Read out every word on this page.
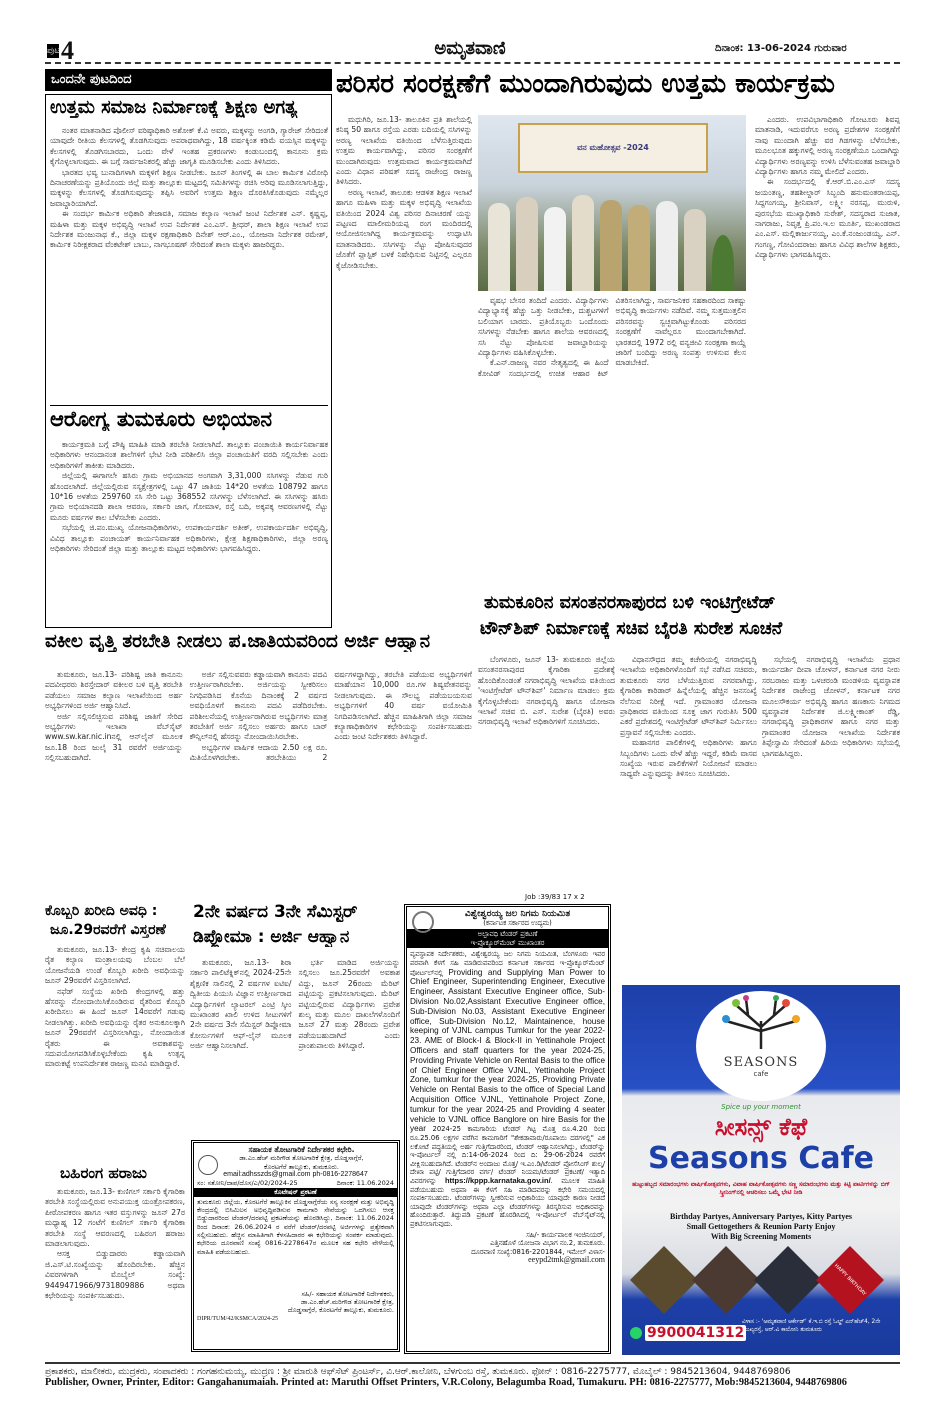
ಪುಟ 4	ಅಮೃತವಾಣಿ	ದಿನಾಂಕ: 13-06-2024 ಗುರುವಾರ
ಒಂದನೇ ಪುಟದಿಂದ
ಉತ್ತಮ ಸಮಾಜ ನಿರ್ಮಾಣಕ್ಕೆ ಶಿಕ್ಷಣ ಅಗತ್ಯ

ನಂತರ ಮಾತನಾಡಿದ ಪೊಲೀಸ್ ವರಿಷ್ಠಾಧಿಕಾರಿ ಅಶೋಕ್ ಕೆ.ವಿ ಅವರು, ಮಕ್ಕಳನ್ನು ಅಂಗಡಿ, ಗ್ಯಾರೇಜ್ ಸೇರಿದಂತೆ ಯಾವುದೇ ರೀತಿಯ ಕೆಲಸಗಳಲ್ಲಿ ತೊಡಗಿಸುವುದು ಅಪರಾಧವಾಗಿದ್ದು, 18 ವರ್ಷಕ್ಕಿಂತ ಕಡಿಮೆ ವಯಸ್ಸಿನ ಮಕ್ಕಳನ್ನು ಕೆಲಸಗಳಲ್ಲಿ ತೊಡಗಿಸಬಾರದು, ಒಂದು ವೇಳೆ ಇಂತಹ ಪ್ರಕರಣಗಳು ಕಂಡುಬಂದಲ್ಲಿ ಕಾನೂನು ಕ್ರಮ ಕೈಗೊಳ್ಳಲಾಗುವುದು. ಈ ಬಗ್ಗೆ ಸಾರ್ವಜನಿಕರಲ್ಲಿ ಹೆಚ್ಚು ಜಾಗೃತಿ ಮೂಡಿಸಬೇಕು ಎಂದು ತಿಳಿಸಿದರು.

ಭಾರತದ ಭವ್ಯ ಬುನಾದಿಗಳಾಗಿ ಮಕ್ಕಳಿಗೆ ಶಿಕ್ಷಣ ನೀಡಬೇಕು. ಜೂನ್ ತಿಂಗಳಲ್ಲಿ ಈ ಬಾಲ ಕಾರ್ಮಿಕ ವಿರೋಧಿ ದಿನಾಚರಣೆಯನ್ನು ಪ್ರತಿಯೊಂದು ಜಿಲ್ಲೆ ಮತ್ತು ತಾಲ್ಲೂಕು ಮಟ್ಟದಲ್ಲಿ ಸಮಿತಿಗಳನ್ನು ರಚಿಸಿ ಅರಿವು ಮೂಡಿಸಲಾಗುತ್ತಿದ್ದು, ಮಕ್ಕಳನ್ನು ಕೆಲಸಗಳಲ್ಲಿ ತೊಡಗಿಸುವುದನ್ನು ತಪ್ಪಿಸಿ ಅವರಿಗೆ ಉತ್ತಮ ಶಿಕ್ಷಣ ದೊರಕಿಸಿಕೊಡುವುದು ನಮ್ಮೆಲ್ಲರ ಜವಾಬ್ದಾರಿಯಾಗಿದೆ.

ಈ ಸಂದರ್ಭ ಕಾರ್ಮಿಕ ಅಧಿಕಾರಿ ತೇಜಾವತಿ, ಸಮಾಜ ಕಲ್ಯಾಣ ಇಲಾಖೆ ಜಂಟಿ ನಿರ್ದೇಶಕ ಎನ್. ಕೃಷ್ಣಪ್ಪ, ಮಹಿಳಾ ಮತ್ತು ಮಕ್ಕಳ ಅಭಿವೃದ್ಧಿ ಇಲಾಖೆ ಉಪ ನಿರ್ದೇಶಕ ಎಂ.ಎಸ್. ಶ್ರೀಧರ್, ಶಾಲಾ ಶಿಕ್ಷಣ ಇಲಾಖೆ ಉಪ ನಿರ್ದೇಶಕ ಮಂಜುನಾಥ ಕೆ., ಜಿಲ್ಲಾ ಮಕ್ಕಳ ರಕ್ಷಣಾಧಿಕಾರಿ ದಿನೇಶ್ ಆರ್.ಎಂ., ಯೋಜನಾ ನಿರ್ದೇಶಕ ರಮೇಶ್, ಕಾರ್ಮಿಕ ನಿರೀಕ್ಷಕರಾದ ವೆಂಕಟೇಶ್ ಬಾಬು, ನಾಗಭೂಷಣ್ ಸೇರಿದಂತೆ ಶಾಲಾ ಮಕ್ಕಳು ಹಾಜರಿದ್ದರು.

ಆರೋಗ್ಯ ತುಮಕೂರು ಅಭಿಯಾನ

ಕಾರ್ಯಕ್ರಮತಿ ಬಗ್ಗೆ ಪೌಷ್ಠಿ ಮಾಹಿತಿ ಮಾಡಿ ತರಬೇತಿ ನೀಡಲಾಗಿದೆ. ತಾಲ್ಲೂಕು ಪಂಚಾಯಿತಿ ಕಾರ್ಯನಿರ್ವಾಹಕ ಅಧಿಕಾರಿಗಳು ಆನಂದಾನಂತ ಶಾಲೆಗಳಿಗೆ ಭೇಟಿ ನೀಡಿ ಪರಿಶೀಲಿಸಿ ಜಿಲ್ಲಾ ಪಂಚಾಯತಿಗೆ ವರದಿ ಸಲ್ಲಿಸಬೇಕು ಎಂದು ಅಧಿಕಾರಿಗಳಿಗೆ ತಾಕೀತು ಮಾಡಿದರು.

ಜಿಲ್ಲೆಯಲ್ಲಿ ಈಗಾಗಲೇ ಹಸಿರು ಗ್ರಾಮ ಅಭಿಯಾನದ ಅಂಗವಾಗಿ 3,31,000 ಸಸಿಗಳನ್ನು ನೆಡುವ ಗುರಿ ಹೊಂದಲಾಗಿದೆ. ಜಿಲ್ಲೆಯಲ್ಲಿರುವ ಸಸ್ಯಕ್ಷೇತ್ರಗಳಲ್ಲಿ ಒಟ್ಟು 47 ಜಾತಿಯ 14*20 ಅಳತೆಯ 108792 ಹಾಗೂ 10*16 ಅಳತೆಯ 259760 ಸಸಿ ಸೇರಿ ಒಟ್ಟು 368552 ಸಸಿಗಳನ್ನು ಬೆಳೆಸಲಾಗಿದೆ. ಈ ಸಸಿಗಳನ್ನು ಹಸಿರು ಗ್ರಾಮ ಅಭಿಯಾನದಡಿ ಶಾಲಾ ಆವರಣ, ಸರ್ಕಾರಿ ಜಾಗ, ಗೋಮಾಳ, ರಸ್ತೆ ಬದಿ, ಅಕ್ಕಪಕ್ಕ ಆವರಣಗಳಲ್ಲಿ ನೆಟ್ಟು ಮೂರು ವರ್ಷಗಳ ಕಾಲ ಬೆಳೆಸಬೇಕು ಎಂದರು.

ಸಭೆಯಲ್ಲಿ ಜಿ.ಪಂ.ಮುಖ್ಯ ಯೋಜನಾಧಿಕಾರಿಗಳು, ಉಪಕಾರ್ಯದರ್ಶಿ ಅತೀಕ್, ಉಪಕಾರ್ಯದರ್ಶಿ ಅಭಿವೃದ್ಧಿ, ವಿವಿಧ ತಾಲ್ಲೂಕು ಪಂಚಾಯತ್ ಕಾರ್ಯನಿರ್ವಾಹಕ ಅಧಿಕಾರಿಗಳು, ಕ್ಷೇತ್ರ ಶಿಕ್ಷಣಾಧಿಕಾರಿಗಳು, ಜಿಲ್ಲಾ ಅರಣ್ಯ ಅಧಿಕಾರಿಗಳು ಸೇರಿದಂತೆ ಜಿಲ್ಲಾ ಮತ್ತು ತಾಲ್ಲೂಕು ಮಟ್ಟದ ಅಧಿಕಾರಿಗಳು ಭಾಗವಹಿಸಿದ್ದರು.

ಪರಿಸರ ಸಂರಕ್ಷಣೆಗೆ ಮುಂದಾಗಿರುವುದು ಉತ್ತಮ ಕಾರ್ಯಕ್ರಮ

ಮಧುಗಿರಿ, ಜೂ.13- ತಾಲೂಕಿನ ಪ್ರತಿ ಶಾಲೆಯಲ್ಲಿ ಕನಿಷ್ಠ 50 ಹಾಗೂ ರಸ್ತೆಯ ಎರಡು ಬದಿಯಲ್ಲಿ ಸಸಿಗಳನ್ನು ಅರಣ್ಯ ಇಲಾಖೆಯ ವತಿಯಿಂದ ಬೆಳೆಸುತ್ತಿರುವುದು ಉತ್ತಮ ಕಾರ್ಯವಾಗಿದ್ದು, ಪರಿಸರ ಸಂರಕ್ಷಣೆಗೆ ಮುಂದಾಗಿರುವುದು ಉತ್ತಮವಾದ ಕಾರ್ಯಕ್ರಮವಾಗಿದೆ ಎಂದು ವಿಧಾನ ಪರಿಷತ್ ಸದಸ್ಯ ರಾಜೇಂದ್ರ ರಾಜಣ್ಣ ತಿಳಿಸಿದರು.

ಅರಣ್ಯ ಇಲಾಖೆ, ತಾಲೂಕು ಆಡಳಿತ ಶಿಕ್ಷಣ ಇಲಾಖೆ ಹಾಗೂ ಮಹಿಳಾ ಮತ್ತು ಮಕ್ಕಳ ಅಭಿವೃದ್ಧಿ ಇಲಾಖೆಯ ವತಿಯಿಂದ 2024 ವಿಶ್ವ ಪರಿಸರ ದಿನಾಚರಣೆ ಯನ್ನು ಪಟ್ಟಣದ ಮಾಲೀಮರಿಯಪ್ಪ ರಂಗ ಮಂದಿರದಲ್ಲಿ ಆಯೋಜಿಸಲಾಗಿದ್ದ ಕಾರ್ಯಕ್ರಮವನ್ನು ಉದ್ಘಾಟಿಸಿ ಮಾತನಾಡಿದರು. ಸಸಿಗಳನ್ನು ನೆಟ್ಟು ಪೋಷಿಸುವುದರ ಜೊತೆಗೆ ಪ್ಲಾಸ್ಟಿಕ್ ಬಳಕೆ ನಿಷೇಧಿಸುವ ನಿಟ್ಟಿನಲ್ಲಿ ಎಲ್ಲರೂ ಕೈಜೋಡಿಸಬೇಕು.

ವನ ಮಹೋತ್ಸವ -2024

ವೃಷಭ ಬೇಸರ ತಂದಿದೆ ಎಂದರು. ವಿದ್ಯಾರ್ಥಿಗಳು ವಿದ್ಯಾಭ್ಯಾಸಕ್ಕೆ ಹೆಚ್ಚು ಒತ್ತು ನೀಡಬೇಕು, ದುಶ್ಚಟಗಳಿಗೆ ಬಲಿಯಾಗ ಬಾರದು. ಪ್ರತಿಯೊಬ್ಬರು ಒಂದೊಂದು ಸಸಿಗಳನ್ನು ನೆಡಬೇಕು ಹಾಗೂ ಶಾಲೆಯ ಆವರಣದಲ್ಲಿ ಸಸಿ ನೆಟ್ಟು ಪೋಷಿಸುವ ಜವಾಬ್ದಾರಿಯನ್ನು ವಿದ್ಯಾರ್ಥಿಗಳು ವಹಿಸಿಕೊಳ್ಳಬೇಕು.

ಕೆ.ಎನ್.ರಾಜಣ್ಣ ನವರ ನೇತೃತ್ವದಲ್ಲಿ ಈ ಹಿಂದೆ ಕೋವಿಡ್ ಸಂದರ್ಭದಲ್ಲಿ ಉಚಿತ ಆಹಾರ ಕಿಟ್ ವಿತರಿಸಲಾಗಿದ್ದು, ಸಾರ್ವಜನಿಕರ ಸಹಕಾರದಿಂದ ಸಾಕಷ್ಟು ಅಭಿವೃದ್ಧಿ ಕಾರ್ಯಗಳು ನಡೆದಿವೆ. ನಮ್ಮ ಸುತ್ತಮುತ್ತಲಿನ ಪರಿಸರವನ್ನು ಸ್ವಚ್ಛವಾಗಿಟ್ಟುಕೊಂಡು ಪರಿಸರದ ಸಂರಕ್ಷಣೆಗೆ ನಾವೆಲ್ಲರೂ ಮುಂದಾಗಬೇಕಾಗಿದೆ. ಭಾರತದಲ್ಲಿ 1972 ರಲ್ಲಿ ವನ್ಯಜೀವಿ ಸಂರಕ್ಷಣಾ ಕಾಯ್ದೆ ಜಾರಿಗೆ ಬಂದಿದ್ದು ಅರಣ್ಯ ಸಂಪತ್ತು ಉಳಿಸುವ ಕೆಲಸ ಮಾಡಬೇಕಿದೆ.

ಎಂದರು. ಉಪವಿಭಾಗಾಧಿಕಾರಿ ಗೋಟೂರು ಶಿವಪ್ಪ ಮಾತನಾಡಿ, ಇದುವರೆಗೂ ಅರಣ್ಯ ಪ್ರದೇಶಗಳ ಸಂರಕ್ಷಣೆಗೆ ನಾವು ಮುಂದಾಗಿ ಹೆಚ್ಚು ವರ ಗಿಡಗಳನ್ನು ಬೆಳೆಸಬೇಕು, ಮೂಲಭೂತ ಹಕ್ಕುಗಳಲ್ಲಿ ಅರಣ್ಯ ಸಂರಕ್ಷಣೆಯೂ ಒಂದಾಗಿದ್ದು ವಿದ್ಯಾರ್ಥಿಗಳು ಅರಣ್ಯವನ್ನು ಉಳಿಸಿ ಬೆಳೆಸುವಂತಹ ಜವಾಬ್ದಾರಿ ವಿದ್ಯಾರ್ಥಿಗಳು ಹಾಗೂ ನಮ್ಮ ಮೇಲಿದೆ ಎಂದರು.

ಈ ಸಂದರ್ಭದಲ್ಲಿ ಕೆ.ಆರ್.ಬಿ.ಎಂ.ಎಸ್ ಸದಸ್ಯ ಜಯಂತಣ್ಣ, ತಹಶೀಲ್ದಾರ್ ಸಿಬ್ಬಂದಿ ಹನುಮಂತರಾಯಪ್ಪ, ಸಿದ್ದಗಂಗಯ್ಯ, ಶ್ರೀನಿವಾಸ್, ಲಕ್ಷ್ಮೀ ನರಸಪ್ಪ, ಮುರುಳಿ, ಪುರಸಭೆಯ ಮುಖ್ಯಾಧಿಕಾರಿ ಸುರೇಶ್, ಸದಸ್ಯರಾದ ಸುಜಾತ, ನಾಗರಾಜು, ನಿವೃತ್ತ ಪ್ರಿ.ಪಂ.ಇ.ಲ ಮೂರ್ತಿ, ಮುಖಂಡರಾದ ಎಂ.ಎಸ್. ಮಲ್ಲಿಕಾರ್ಜುನಯ್ಯ, ಎಂ.ಕೆ.ನಂಜುಂಡಯ್ಯ, ಎನ್. ಗಂಗಣ್ಣ, ಗೋವಿಂದರಾಜು ಹಾಗೂ ವಿವಿಧ ಶಾಲೆಗಳ ಶಿಕ್ಷಕರು, ವಿದ್ಯಾರ್ಥಿಗಳು ಭಾಗವಹಿಸಿದ್ದರು.

ತುಮಕೂರಿನ ವಸಂತನರಸಾಪುರದ ಬಳಿ ಇಂಟಿಗ್ರೇಟೆಡ್
ಟೌನ್‌ಶಿಪ್ ನಿರ್ಮಾಣಕ್ಕೆ ಸಚಿವ ಬೈರತಿ ಸುರೇಶ ಸೂಚನೆ

ಬೆಂಗಳೂರು, ಜೂನ್ 13- ತುಮಕೂರು ಜಿಲ್ಲೆಯ ವಸಂತನರಸಾಪುರದ ಕೈಗಾರಿಕಾ ಪ್ರದೇಶಕ್ಕೆ ಹೊಂದಿಕೊಂಡಂತೆ ನಗರಾಭಿವೃದ್ಧಿ ಇಲಾಖೆಯ ವತಿಯಿಂದ 'ಇಂಟಿಗ್ರೇಟೆಡ್ ಟೌನ್‌ಶಿಪ್' ನಿರ್ಮಾಣ ಮಾಡಲು ಕ್ರಮ ಕೈಗೊಳ್ಳಬೇಕೆಂದು ನಗರಾಭಿವೃದ್ಧಿ ಹಾಗೂ ಯೋಜನಾ ಇಲಾಖೆ ಸಚಿವ ಬಿ. ಎಸ್. ಸುರೇಶ (ಬೈರತಿ) ಅವರು ನಗರಾಭಿವೃದ್ಧಿ ಇಲಾಖೆ ಅಧಿಕಾರಿಗಳಿಗೆ ಸೂಚಿಸಿದರು.

ವಿಧಾನಸೌಧದ ತಮ್ಮ ಕಚೇರಿಯಲ್ಲಿ ನಗರಾಭಿವೃದ್ಧಿ ಇಲಾಖೆಯ ಅಧಿಕಾರಿಗಳೊಂದಿಗೆ ಸಭೆ ನಡೆಸಿದ ಸಚಿವರು, ತುಮಕೂರು ನಗರ ಬೆಳೆಯುತ್ತಿರುವ ನಗರವಾಗಿದ್ದು, ಕೈಗಾರಿಕಾ ಕಾರಿಡಾರ್ ಹಿನ್ನೆಲೆಯಲ್ಲಿ ಹೆಚ್ಚಿನ ಜನಸಂಖ್ಯೆ ನೆಲೆಸುವ ನಿರೀಕ್ಷೆ ಇದೆ. ಗ್ರಾಮಾಂತರ ಯೋಜನಾ ಪ್ರಾಧಿಕಾರದ ವತಿಯಿಂದ ಸೂಕ್ತ ಜಾಗ ಗುರುತಿಸಿ 500 ಎಕರೆ ಪ್ರದೇಶದಲ್ಲಿ ಇಂಟಿಗ್ರೇಟೆಡ್ ಟೌನ್‌ಶಿಪ್ ನಿರ್ಮಿಸಲು ಪ್ರಸ್ತಾವನೆ ಸಲ್ಲಿಸಬೇಕು ಎಂದರು.

ಮಹಾನಗರ ಪಾಲಿಕೆಗಳಲ್ಲಿ ಅಧಿಕಾರಿಗಳು ಹಾಗೂ ಸಿಬ್ಬಂದಿಗಳು ಒಂದು ವೇಳೆ ಹೆಚ್ಚು ಇದ್ದರೆ, ಕಡಿಮೆ ವಾಸವ ಸಂಖ್ಯೆಯ ಇರುವ ಪಾಲಿಕೆಗಳಿಗೆ ನಿಯೋಜನೆ ಮಾಡಲು ಸಾಧ್ಯವೇ ಎನ್ನುವುದನ್ನು ತಿಳಿಸಲು ಸೂಚಿಸಿದರು.

ಸಭೆಯಲ್ಲಿ ನಗರಾಭಿವೃದ್ಧಿ ಇಲಾಖೆಯ ಪ್ರಧಾನ ಕಾರ್ಯದರ್ಶಿ ದೀಪಾ ಚೋಳನ್, ಕರ್ನಾಟಕ ನಗರ ನೀರು ಸರಬರಾಜು ಮತ್ತು ಒಳಚರಂಡಿ ಮಂಡಳಿಯ ವ್ಯವಸ್ಥಾಪಕ ನಿರ್ದೇಶಕ ರಾಜೇಂದ್ರ ಚೋಳನ್, ಕರ್ನಾಟಕ ನಗರ ಮೂಲಸೌಕರ್ಯ ಅಭಿವೃದ್ಧಿ ಹಾಗೂ ಹಣಕಾಸು ನಿಗಮದ ವ್ಯವಸ್ಥಾಪಕ ನಿರ್ದೇಶಕ ಜಿ.ಲಕ್ಷ್ಮೀಕಾಂತ್ ರೆಡ್ಡಿ, ನಗರಾಭಿವೃದ್ಧಿ ಪ್ರಾಧಿಕಾರಗಳ ಹಾಗೂ ನಗರ ಮತ್ತು ಗ್ರಾಮಾಂತರ ಯೋಜನಾ ಇಲಾಖೆಯ ನಿರ್ದೇಶಕ ತಿಪ್ಪೇಸ್ವಾಮಿ ಸೇರಿದಂತೆ ಹಿರಿಯ ಅಧಿಕಾರಿಗಳು ಸಭೆಯಲ್ಲಿ ಭಾಗವಹಿಸಿದ್ದರು.

Job :39/83 17 x 2
ವಕೀಲ ವೃತ್ತಿ ತರಬೇತಿ ನೀಡಲು ಪ.ಜಾತಿಯವರಿಂದ ಅರ್ಜಿ ಆಹ್ವಾನ

ತುಮಕೂರು, ಜೂ.13- ಪರಿಶಿಷ್ಟ ಜಾತಿ ಕಾನೂನು ಪದವೀಧರರು ಶಿರಸ್ತೇದಾರ್ ವಕೀಲರ ಬಳಿ ವೃತ್ತಿ ತರಬೇತಿ ಪಡೆಯಲು ಸಮಾಜ ಕಲ್ಯಾಣ ಇಲಾಖೆಯಿಂದ ಅರ್ಹ ಅಭ್ಯರ್ಥಿಗಳಿಂದ ಅರ್ಜಿ ಆಹ್ವಾನಿಸಿದೆ.

ಅರ್ಜಿ ಸಲ್ಲಿಸಲಿಚ್ಛಿಸುವ ಪರಿಶಿಷ್ಟ ಜಾತಿಗೆ ಸೇರಿದ ಅಭ್ಯರ್ಥಿಗಳು ಇಲಾಖಾ ವೆಬ್‌ಸೈಟ್ www.sw.kar.nic.inನಲ್ಲಿ ಆನ್‌ಲೈನ್ ಮೂಲಕ ಜೂ.18 ರಿಂದ ಜುಲೈ 31 ರವರೆಗೆ ಅರ್ಜಿಯನ್ನು ಸಲ್ಲಿಸಬಹುದಾಗಿದೆ.

ಅರ್ಜಿ ಸಲ್ಲಿಸುವವರು ಕಡ್ಡಾಯವಾಗಿ ಕಾನೂನು ಪದವಿ ಉತ್ತೀರ್ಣರಾಗಿರಬೇಕು. ಅರ್ಜಿಯನ್ನು ಸ್ವೀಕರಿಸಲು ನಿಗಧಿಪಡಿಸಿದ ಕೊನೆಯ ದಿನಾಂಕಕ್ಕೆ 2 ವರ್ಷದ ಅವಧಿಯೊಳಗೆ ಕಾನೂನು ಪದವಿ ಪಡೆದಿರಬೇಕು. ಪರಿಶೀಲನೆಯಲ್ಲಿ ಉತ್ತೀರ್ಣರಾಗಿರುವ ಅಭ್ಯರ್ಥಿಗಳು ಮಾತ್ರ ತರಬೇತಿಗೆ ಅರ್ಜಿ ಸಲ್ಲಿಸಲು ಅರ್ಹರು ಹಾಗೂ ಬಾರ್ ಕೌನ್ಸಿಲ್‌ನಲ್ಲಿ ಹೆಸರನ್ನು ನೋಂದಾಯಿಸಿರಬೇಕು.

ಅಭ್ಯರ್ಥಿಗಳ ವಾರ್ಷಿಕ ಆದಾಯ 2.50 ಲಕ್ಷ ರೂ. ಮಿತಿಯೊಳಗಿರಬೇಕು. ತರಬೇತಿಯು 2 ವರ್ಷಗಳದ್ದಾಗಿದ್ದು, ತರಬೇತಿ ಪಡೆಯುವ ಅಭ್ಯರ್ಥಿಗಳಿಗೆ ಮಾಹೆಯಾನ 10,000 ರೂ.ಗಳ ಶಿಷ್ಯವೇತನವನ್ನು ನೀಡಲಾಗುವುದು. ಈ ಸೌಲಭ್ಯ ಪಡೆಯಬಯಸುವ ಅಭ್ಯರ್ಥಿಗಳಿಗೆ 40 ವರ್ಷ ವಯೋಮಿತಿ ನಿಗದಿಪಡಿಸಲಾಗಿದೆ. ಹೆಚ್ಚಿನ ಮಾಹಿತಿಗಾಗಿ ಜಿಲ್ಲಾ ಸಮಾಜ ಕಲ್ಯಾಣಾಧಿಕಾರಿಗಳ ಕಛೇರಿಯನ್ನು ಸಂಪರ್ಕಿಸಬಹುದು ಎಂದು ಜಂಟಿ ನಿರ್ದೇಶಕರು ತಿಳಿಸಿದ್ದಾರೆ.

ಕೊಬ್ಬರಿ ಖರೀದಿ ಅವಧಿ :
ಜೂ.29ರವರೆಗೆ ವಿಸ್ತರಣೆ

ತುಮಕೂರು, ಜೂ.13- ಕೇಂದ್ರ ಕೃಷಿ ಸಚಿವಾಲಯ ರೈತ ಕಲ್ಯಾಣ ಮಂತ್ರಾಲಯವು ಬೆಂಬಲ ಬೆಲೆ ಯೋಜನೆಯಡಿ ಉಂಡೆ ಕೊಬ್ಬರಿ ಖರೀದಿ ಅವಧಿಯನ್ನು ಜೂನ್ 29ರವರೆಗೆ ವಿಸ್ತರಿಸಲಾಗಿದೆ.

ನಫೆಡ್ ಸಂಸ್ಥೆಯ ಖರೀದಿ ಕೇಂದ್ರಗಳಲ್ಲಿ ಹತ್ತು ಹೆಸರನ್ನು ನೋಂದಾಯಿಸಿಕೊಂಡಿರುವ ರೈತರಿಂದ ಕೊಬ್ಬರಿ ಖರೀದಿಸಲು ಈ ಹಿಂದೆ ಜೂನ್ 14ರವರೆಗೆ ಗಡುವು ನೀಡಲಾಗಿತ್ತು. ಖರೀದಿ ಅವಧಿಯನ್ನು ರೈತರ ಅನುಕೂಲಕ್ಕಾಗಿ ಜೂನ್ 29ರವರೆಗೆ ವಿಸ್ತರಿಸಲಾಗಿದ್ದು, ನೋಂದಾಯಿತ ರೈತರು ಈ ಅವಕಾಶವನ್ನು ಸದುಪಯೋಗಪಡಿಸಿಕೊಳ್ಳಬೇಕೆಂದು ಕೃಷಿ ಉತ್ಪನ್ನ ಮಾರುಕಟ್ಟೆ ಉಪನಿರ್ದೇಶಕ ರಾಜಣ್ಣ ಮನವಿ ಮಾಡಿದ್ದಾರೆ.

ಬಹಿರಂಗ ಹರಾಜು

ತುಮಕೂರು, ಜೂ.13- ಕುಣಿಗಲ್ ಸರ್ಕಾರಿ ಕೈಗಾರಿಕಾ ತರಬೇತಿ ಸಂಸ್ಥೆಯಲ್ಲಿರುವ ಅನುಪಯುಕ್ತ ಯಂತ್ರೋಪಕರಣ, ಪೀಠೋಪಕರಣ ಹಾಗೂ ಇತರ ವಸ್ತುಗಳನ್ನು ಜೂನ್ 27ರ ಮಧ್ಯಾಹ್ನ 12 ಗಂಟೆಗೆ ಕುಣಿಗಲ್ ಸರ್ಕಾರಿ ಕೈಗಾರಿಕಾ ತರಬೇತಿ ಸಂಸ್ಥೆ ಆವರಣದಲ್ಲಿ ಬಹಿರಂಗ ಹರಾಜು ಮಾಡಲಾಗುವುದು.

ಆಸಕ್ತ ಬಿಡ್ಡುದಾರರು ಕಡ್ಡಾಯವಾಗಿ ಜಿ.ಎಸ್.ಟಿ.ಸಂಖ್ಯೆಯನ್ನು ಹೊಂದಿರಬೇಕು. ಹೆಚ್ಚಿನ ವಿವರಗಳಿಗಾಗಿ ಮೊಬೈಲ್ ಸಂಖ್ಯೆ: 9449471966/9731809886 ಅಥವಾ ಕಛೇರಿಯನ್ನು ಸಂಪರ್ಕಿಸಬಹುದು.

2ನೇ ವರ್ಷದ 3ನೇ ಸೆಮಿಸ್ಟರ್
ಡಿಪ್ಲೋಮಾ : ಅರ್ಜಿ ಆಹ್ವಾನ

ತುಮಕೂರು, ಜೂ.13- ಶಿರಾ ಸರ್ಕಾರಿ ಪಾಲಿಟೆಕ್ನಿಕ್‌ನಲ್ಲಿ 2024-25ನೇ ಶೈಕ್ಷಣಿಕ ಸಾಲಿನಲ್ಲಿ 2 ವರ್ಷಗಳ ಐಟಿಐ/ದ್ವಿತೀಯ ಪಿಯುಸಿ ವಿಜ್ಞಾನ ಉತ್ತೀರ್ಣರಾದ ವಿದ್ಯಾರ್ಥಿಗಳಿಗೆ ಲ್ಯಾಟರಲ್ ಎಂಟ್ರಿ ಸ್ಕೀಂ ಮುಖಾಂತರ ಖಾಲಿ ಉಳಿದ ಸೀಟುಗಳಿಗೆ 2ನೇ ವರ್ಷದ 3ನೇ ಸೆಮಿಸ್ಟರ್ ಡಿಪ್ಲೋಮಾ ಕೋರ್ಸುಗಳಿಗೆ ಆಫ್‌-ಲೈನ್ ಮೂಲಕ ಅರ್ಜಿ ಆಹ್ವಾನಿಸಲಾಗಿದೆ.

ಭರ್ತಿ ಮಾಡಿದ ಅರ್ಜಿಯನ್ನು ಸಲ್ಲಿಸಲು ಜೂ.25ರವರೆಗೆ ಅವಕಾಶ ವಿದ್ದು, ಜೂನ್ 26ರಂದು ಮೆರಿಟ್ ಪಟ್ಟಿಯನ್ನು ಪ್ರಕಟಿಸಲಾಗುವುದು. ಮೆರಿಟ್ ಪಟ್ಟಿಯಲ್ಲಿರುವ ವಿದ್ಯಾರ್ಥಿಗಳು ಪ್ರವೇಶ ಶುಲ್ಕ ಮತ್ತು ಮೂಲ ದಾಖಲೆಗಳೊಂದಿಗೆ ಜೂನ್ 27 ಮತ್ತು 28ರಂದು ಪ್ರವೇಶ ಪಡೆಯಬಹುದಾಗಿದೆ ಎಂದು ಪ್ರಾಂಶುಪಾಲರು ತಿಳಿಸಿದ್ದಾರೆ.

ಸಹಾಯಕ ತೋಟಗಾರಿಕೆ ನಿರ್ದೇಶಕರ ಕಛೇರಿ.
ಡಾ.ಎಂ.ಹೆಚ್ ಮರಿಗೌಡ ತೋಟಗಾರಿಕೆ ಕ್ಷೇತ್ರ, ದೊಡ್ಡಸಾಗ್ಗೆರೆ,
ಕೊರಟಗೆರೆ ತಾಲ್ಲೂಕು, ತುಮಕೂರು.
email:adhsszds@gmail.com ph-0816-2278647
ಸಂ: ಸತೋನಿ/ದಾಪ/ದೊಸ/ಎ/02/2024-25	ದಿನಾಂಕ: 11.06.2024
ಕೊಟೇಷನ್ ಪ್ರಕಟಣೆ
ತುಮಕೂರು ಜಿಲ್ಲೆಯ, ಕೊರಟಗೆರೆ ತಾಲ್ಲೂಕಿನ ದೊಡ್ಡಸಾಗ್ಗೆರೆಯ ಸಸ್ಯ ಸಂರಕ್ಷಣೆ ಮತ್ತು ಅಭಿವೃದ್ಧಿ ಕೇಂದ್ರದಲ್ಲಿ ಬಿಸಿಮಿಲನ ಅಭಿವೃದ್ಧಿಪಡಿಸುವ ಕಾಮಗಾರಿ ಸೇವೆಯನ್ನು ಒದಗಿಸಲು ಆಸಕ್ತ ಬಿಡ್ಡುದಾರರಿಂದ ಟೆಂಡರ್/ದರಪಟ್ಟಿ ಪ್ರಕಟಣೆಯನ್ನು ಹೊರಡಿಸಿದ್ದು, ದಿನಾಂಕ: 11.06.2024 ರಿಂದ ದಿನಾಂಕ: 26.06.2024 ರ ವರೆಗೆ ಟೆಂಡರ್/ದರಪಟ್ಟಿ ಅರ್ಜಿಗಳನ್ನು ಪ್ರತ್ಯೇಕವಾಗಿ ಸಲ್ಲಿಸಬಹುದು. ಹೆಚ್ಚಿನ ಮಾಹಿತಿಗಾಗಿ ಕೆಳಸಹಿದಾರರ ಈ ಕಛೇರಿಯನ್ನು ಸಂಪರ್ಕ ಮಾಡುವುದು. ಕಛೇರಿಯ ದೂರವಾಣಿ ಸಂಖ್ಯೆ 0816-2278647ರ ಮೂಲಕ ಸಹ ಕಛೇರಿ ವೇಳೆಯಲ್ಲಿ ಮಾಹಿತಿ ಪಡೆಯಬಹುದು.
ಸಹಿ/- ಸಹಾಯಕ ತೋಟಗಾರಿಕೆ ನಿರ್ದೇಶಕರು,
ಡಾ.ಎಂ.ಹೆಚ್.ಮರಿಗೌಡ ತೋಟಗಾರಿಕೆ ಕ್ಷೇತ್ರ,
ದೊಡ್ಡಸಾಗ್ಗೆರೆ, ಕೊರಟಗೆರೆ ತಾಲ್ಲೂಕು, ತುಮಕೂರು.
DIPR/TUM/42/KSMCA/2024-25
ವಿಶ್ವೇಶ್ವರಯ್ಯ ಜಲ ನಿಗಮ ನಿಯಮಿತ
(ಕರ್ನಾಟಕ ಸರ್ಕಾರದ ಉದ್ಯಮ)
ಅಲ್ಪಾವಧಿ ಟೆಂಡರ್ ಪ್ರಕಟಣೆ
ಇ-ಪ್ರೊಕ್ಯೂರ್‌ಮೆಂಟ್ ಮುಖಾಂತರ
ವ್ಯವಸ್ಥಾಪಕ ನಿರ್ದೇಶಕರು, ವಿಶ್ವೇಶ್ವರಯ್ಯ ಜಲ ನಿಗಮ ನಿಯಮಿತ, ಬೆಂಗಳೂರು ಇವರ ಪರವಾಗಿ ಕೆಳಗೆ ಸಹಿ ಮಾಡಿರುವವರಿಂದ ಕರ್ನಾಟಕ ಸರ್ಕಾರದ ಇ-ಪ್ರೊಕ್ಯೂರ್‌ಮೆಂಟ್ ಪೋರ್ಟಲ್‌ನಲ್ಲಿ Providing and Supplying Man Power to Chief Engineer, Superintending Engineer, Executive Engineer, Assistant Executive Engineer office, Sub-Division No.02,Assistant Executive Engineer office, Sub-Division No.03, Assistant Executive Engineer office, Sub-Division No.12, Maintainence, house keeping of VJNL campus Tumkur for the year 2022-23. AME of Block-I & Block-II in Yettinahole Project Officers and staff quarters for the year 2024-25, Providing Private Vehicle on Rental Basis to the office of Chief Engineer Office VJNL, Yettinahole Project Zone, tumkur for the year 2024-25, Providing Private Vehicle on Rental Basis to the office of Special Land Acquisition Office VJNL, Yettinahole Project Zone, tumkur for the year 2024-25 and Providing 4 seater vehicle to VJNL office Banglore on hire Basis for the year 2024-25 ಕಾಮಗಾರಿಯ ಟೆಂಡರ್ ಗಿಟ್ಟ ಮೊತ್ತ ರೂ.4.20 ರಿಂದ ರೂ.25.06 ಲಕ್ಷಗಳ ವರೆಗಿನ ಕಾಮಗಾರಿಗೆ "ಶೇಕಡಾವಾರು/ರೂಪಾಯಿ ದರಗಳಲ್ಲಿ" ಎಕ ಲಕೋಟೆ ಪದ್ಧತಿಯಲ್ಲಿ ಅರ್ಹ ಗುತ್ತಿಗೆದಾರರಿಂದ, ಟೆಂಡರ್ ಆಹ್ವಾನಿಸಲಾಗಿದ್ದು, ಟೆಂಡರ್‌ನ್ನು ಇ-ಪೋರ್ಟಲ್ ನಲ್ಲಿ ದಿ:14-06-2024 ರಿಂದ ದಿ: 29-06-2024 ರವರೆಗೆ ವೀಕ್ಷಿಸಬಹುದಾಗಿದೆ. ಟೆಂಡರ್‌ನ ಅಂದಾಜು ಮೊತ್ತ/ ಇ.ಎಂ.ಡಿ/ಟೆಂಡರ್ ಪ್ರೋಸೆಸಿಂಗ್ ಶುಲ್ಕ/ದೇಖಾ ಪಟ್ಟಿ/ ಗುತ್ತಿಗೆದಾರರ ವರ್ಗ/ ಟೆಂಡರ್ ನಿಯಮ/ಟೆಂಡರ್ ಪ್ರಕಟಣೆ/ ಇತ್ಯಾದಿ ವಿವರಗಳನ್ನು https://kppp.karnataka.gov.in/. ಮೂಲಕ ಮಾಹಿತಿ ಪಡೆಯಬಹುದು ಅಥವಾ ಈ ಕೆಳಗೆ ಸಹಿ ಮಾಡಿದವರನ್ನು ಕಛೇರಿ ಸಮಯದಲ್ಲಿ ಸಂಪರ್ಕಿಸಬಹುದು. ಟೆಂಡರ್‌ಗಳನ್ನು ಸ್ವೀಕರಿಸುವ ಅಧಿಕಾರಿಯು ಯಾವುದೇ ಕಾರಣ ನೀಡದೆ ಯಾವುದೇ ಟೆಂಡರ್‌ಗಳನ್ನು ಅಥವಾ ಎಲ್ಲಾ ಟೆಂಡರ್‌ಗಳನ್ನು ತಿರಸ್ಕರಿಸುವ ಅಧಿಕಾರವನ್ನು ಹೊಂದಿರುತ್ತಾರೆ. ತಿದ್ದುಪಡಿ ಪ್ರಕಟಣೆ ಹೊರಡಿಸಿದಲ್ಲಿ ಇ-ಪೋರ್ಟಲ್ ವೆಬ್‌ಸೈಟ್‌ನಲ್ಲಿ ಪ್ರಕಟಿಸಲಾಗುವುದು.
ಸಹಿ/- ಕಾರ್ಯಪಾಲಕ ಇಂಜಿನಿಯರ್,
ಎತ್ತಿನಹೊಳೆ ಯೋಜನಾ ವಿಭಾಗ ನಂ.2, ತುಮಕೂರು.
ದೂರವಾಣಿ ಸಂಖ್ಯೆ:0816-2201844, ಇಮೇಲ್ ವಿಳಾಸ-
eeypd2tmk@gmail.com
SEASONS
cafe
Spice up your moment
ಸೀಸನ್ಸ್ ಕೆಫೆ
Seasons Cafe
ಹುಟ್ಟುಹಬ್ಬದ ಸಮಾರಂಭಗಳು ವಾರ್ಷಿಕೋತ್ಸವಗಳು, ವಿವಾಹ ವಾರ್ಷಿಕೋತ್ಸವಗಳು ಸಣ್ಣ ಸಮಾರಂಭಗಳು ಮತ್ತು ಕಿಟ್ಟಿ ಪಾರ್ಟಿಗಳನ್ನು ಬಿಗ್ ಸ್ಕ್ರೀನಿಂಗ್‌ನಲ್ಲಿ ಆಚರಿಸಲು ಒಮ್ಮೆ ಭೇಟಿ ನೀಡಿ
Birthday Partyes, Anniversary Partyes, Kitty Partyes
Small Gettogethers & Reunion Party Enjoy
With Big Screening Moments
HAPPY BIRTHDAY
9900041312
ವಿಳಾಸ :- 'ಅಮೃತವಾಣಿ ಆರ್ಕೇಡ್' ಕೆ.ಇ.ಬಿ ರಸ್ತೆ ಓಲ್ಡ್ ಎನ್‌ಹೆಚ್4, 2ನೇ ಮುಖ್ಯರಸ್ತೆ, ಆರ್.ವಿ ಕಾಲೋನಿ ತುಮಕೂರು
ಪ್ರಕಾಶಕರು, ಮಾಲೀಕರು, ಮುದ್ರಕರು, ಸಂಪಾದಕರು : ಗಂಗಹನುಮಯ್ಯ, ಮುದ್ರಣ : ಶ್ರೀ ಮಾರುತಿ ಆಫ್‌ಸೆಟ್ ಪ್ರಿಂಟರ್ಸ್, ವಿ.ಆರ್.ಕಾಲೋನಿ, ಬೆಳಗುಂಬ ರಸ್ತೆ, ತುಮಕೂರು. ಫೋನ್ : 0816-2275777, ಮೊಬೈಲ್ : 9845213604, 9448769806
Publisher, Owner, Printer, Editor: Gangahanumaiah. Printed at: Maruthi Offset Printers, V.R.Colony, Belagumba Road, Tumakuru. PH: 0816-2275777, Mob:9845213604, 9448769806
